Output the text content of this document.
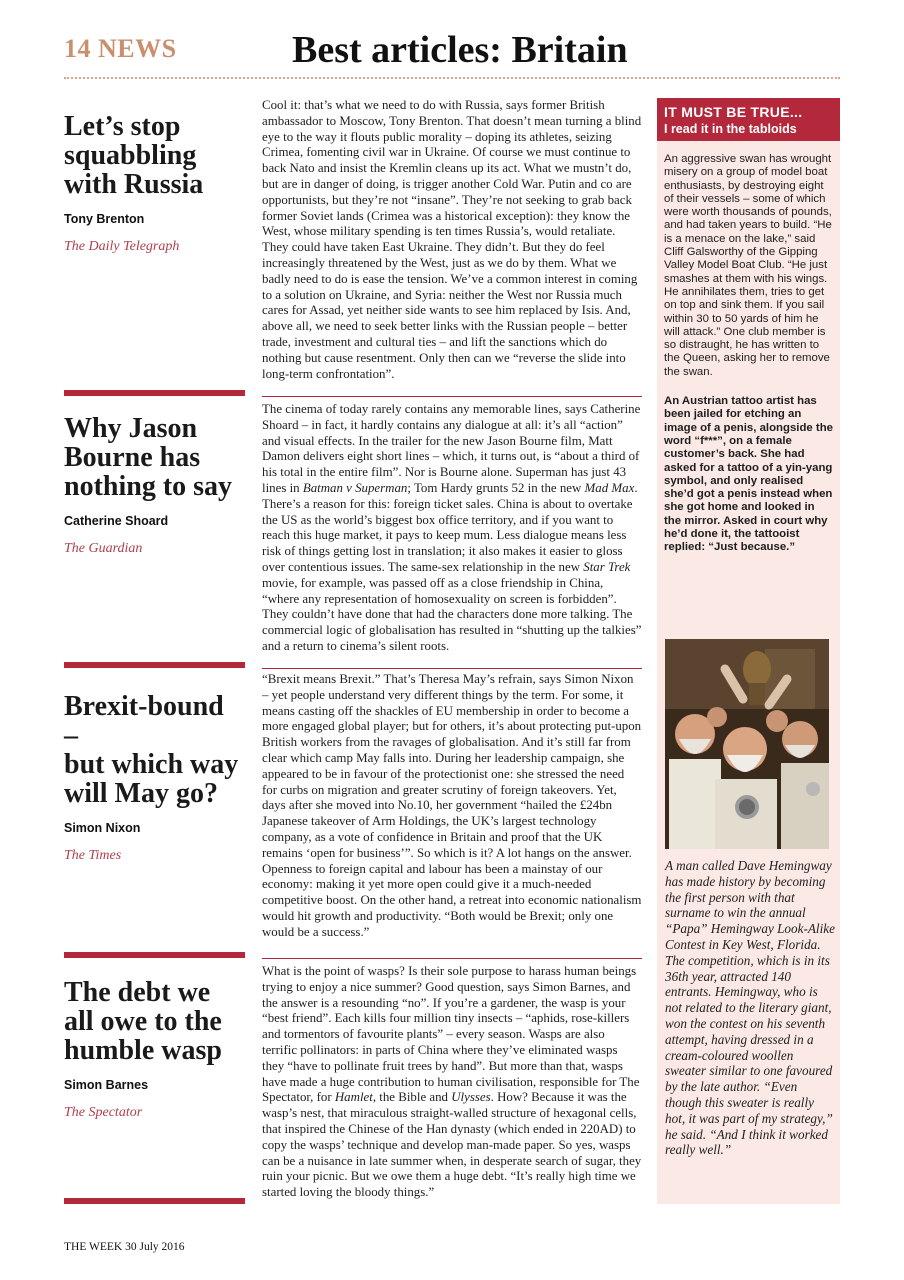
14 NEWS	Best articles: Britain
Let’s stop
squabbling
with Russia
Tony Brenton
The Daily Telegraph

Cool it: that’s what we need to do with Russia, says former British ambassador to Moscow, Tony Brenton. That doesn’t mean turning a blind eye to the way it flouts public morality – doping its athletes, seizing Crimea, fomenting civil war in Ukraine. Of course we must continue to back Nato and insist the Kremlin cleans up its act. What we mustn’t do, but are in danger of doing, is trigger another Cold War. Putin and co are opportunists, but they’re not “insane”. They’re not seeking to grab back former Soviet lands (Crimea was a historical exception): they know the West, whose military spending is ten times Russia’s, would retaliate. They could have taken East Ukraine. They didn’t. But they do feel increasingly threatened by the West, just as we do by them. What we badly need to do is ease the tension. We’ve a common interest in coming to a solution on Ukraine, and Syria: neither the West nor Russia much cares for Assad, yet neither side wants to see him replaced by Isis. And, above all, we need to seek better links with the Russian people – better trade, investment and cultural ties – and lift the sanctions which do nothing but cause resentment. Only then can we “reverse the slide into long-term confrontation”.

Why Jason
Bourne has
nothing to say
Catherine Shoard
The Guardian

The cinema of today rarely contains any memorable lines, says Catherine Shoard – in fact, it hardly contains any dialogue at all: it’s all “action” and visual effects. In the trailer for the new Jason Bourne film, Matt Damon delivers eight short lines – which, it turns out, is “about a third of his total in the entire film”. Nor is Bourne alone. Superman has just 43 lines in Batman v Superman; Tom Hardy grunts 52 in the new Mad Max. There’s a reason for this: foreign ticket sales. China is about to overtake the US as the world’s biggest box office territory, and if you want to reach this huge market, it pays to keep mum. Less dialogue means less risk of things getting lost in translation; it also makes it easier to gloss over contentious issues. The same-sex relationship in the new Star Trek movie, for example, was passed off as a close friendship in China, “where any representation of homosexuality on screen is forbidden”. They couldn’t have done that had the characters done more talking. The commercial logic of globalisation has resulted in “shutting up the talkies” and a return to cinema’s silent roots.

Brexit-bound –
but which way
will May go?
Simon Nixon
The Times

“Brexit means Brexit.” That’s Theresa May’s refrain, says Simon Nixon – yet people understand very different things by the term. For some, it means casting off the shackles of EU membership in order to become a more engaged global player; but for others, it’s about protecting put-upon British workers from the ravages of globalisation. And it’s still far from clear which camp May falls into. During her leadership campaign, she appeared to be in favour of the protectionist one: she stressed the need for curbs on migration and greater scrutiny of foreign takeovers. Yet, days after she moved into No.10, her government “hailed the £24bn Japanese takeover of Arm Holdings, the UK’s largest technology company, as a vote of confidence in Britain and proof that the UK remains ‘open for business’”. So which is it? A lot hangs on the answer. Openness to foreign capital and labour has been a mainstay of our economy: making it yet more open could give it a much-needed competitive boost. On the other hand, a retreat into economic nationalism would hit growth and productivity. “Both would be Brexit; only one would be a success.”

The debt we
all owe to the
humble wasp
Simon Barnes
The Spectator

What is the point of wasps? Is their sole purpose to harass human beings trying to enjoy a nice summer? Good question, says Simon Barnes, and the answer is a resounding “no”. If you’re a gardener, the wasp is your “best friend”. Each kills four million tiny insects – “aphids, rose-killers and tormentors of favourite plants” – every season. Wasps are also terrific pollinators: in parts of China where they’ve eliminated wasps they “have to pollinate fruit trees by hand”. But more than that, wasps have made a huge contribution to human civilisation, responsible for The Spectator, for Hamlet, the Bible and Ulysses. How? Because it was the wasp’s nest, that miraculous straight-walled structure of hexagonal cells, that inspired the Chinese of the Han dynasty (which ended in 220AD) to copy the wasps’ technique and develop man-made paper. So yes, wasps can be a nuisance in late summer when, in desperate search of sugar, they ruin your picnic. But we owe them a huge debt. “It’s really high time we started loving the bloody things.”

IT MUST BE TRUE...
I read it in the tabloids

An aggressive swan has wrought misery on a group of model boat enthusiasts, by destroying eight of their vessels – some of which were worth thousands of pounds, and had taken years to build. “He is a menace on the lake,” said Cliff Galsworthy of the Gipping Valley Model Boat Club. “He just smashes at them with his wings. He annihilates them, tries to get on top and sink them. If you sail within 30 to 50 yards of him he will attack.” One club member is so distraught, he has written to the Queen, asking her to remove the swan.

An Austrian tattoo artist has been jailed for etching an image of a penis, alongside the word “f***”, on a female customer’s back. She had asked for a tattoo of a yin-yang symbol, and only realised she’d got a penis instead when she got home and looked in the mirror. Asked in court why he’d done it, the tattooist replied: “Just because.”

A man called Dave Hemingway has made history by becoming the first person with that surname to win the annual “Papa” Hemingway Look-Alike Contest in Key West, Florida. The competition, which is in its 36th year, attracted 140 entrants. Hemingway, who is not related to the literary giant, won the contest on his seventh attempt, having dressed in a cream-coloured woollen sweater similar to one favoured by the late author. “Even though this sweater is really hot, it was part of my strategy,” he said. “And I think it worked really well.”

THE WEEK 30 July 2016
